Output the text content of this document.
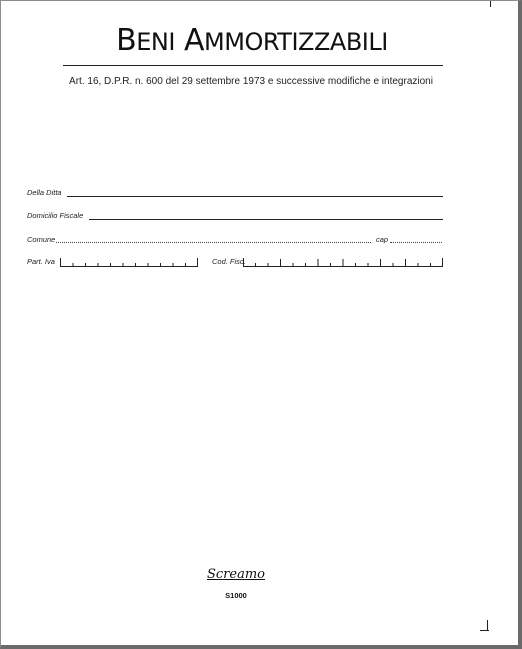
BENI AMMORTIZZABILI
Art. 16, D.P.R. n. 600 del 29 settembre 1973 e successive modifiche e integrazioni
Della Ditta
Domicilio Fiscale
Comune	cap
Part. Iva	Cod. Fisc.
Screamo
S1000
